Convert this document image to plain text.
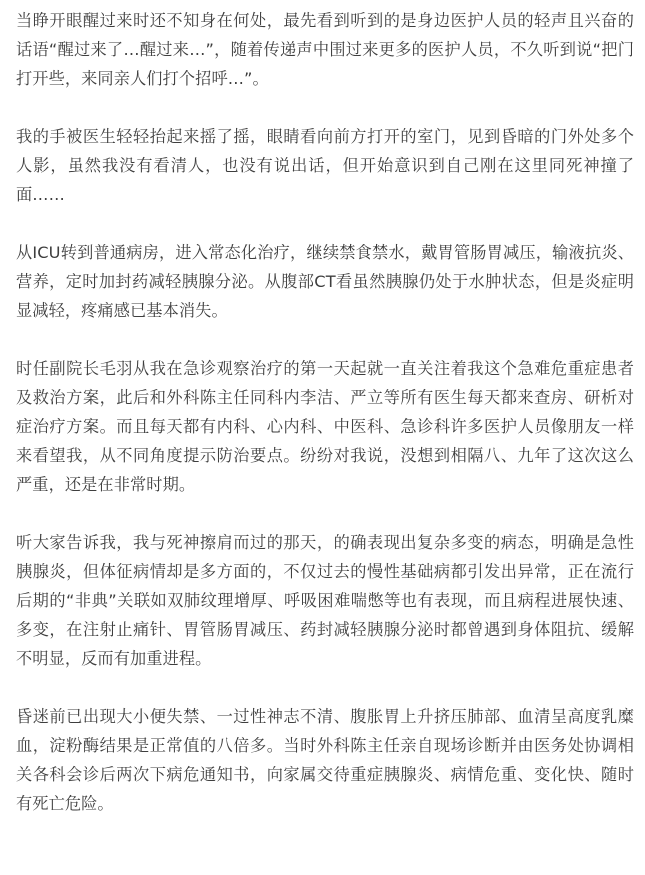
当睁开眼醒过来时还不知身在何处，最先看到听到的是身边医护人员的轻声且兴奋的话语“醒过来了…醒过来…”，随着传递声中围过来更多的医护人员，不久听到说“把门打开些，来同亲人们打个招呼…”。

我的手被医生轻轻抬起来摇了摇，眼睛看向前方打开的室门，见到昏暗的门外处多个人影，虽然我没有看清人，也没有说出话，但开始意识到自己刚在这里同死神撞了面……

从ICU转到普通病房，进入常态化治疗，继续禁食禁水，戴胃管肠胃减压，输液抗炎、营养，定时加封药减轻胰腺分泌。从腹部CT看虽然胰腺仍处于水肿状态，但是炎症明显减轻，疼痛感已基本消失。

时任副院长毛羽从我在急诊观察治疗的第一天起就一直关注着我这个急难危重症患者及救治方案，此后和外科陈主任同科内李洁、严立等所有医生每天都来查房、研析对症治疗方案。而且每天都有内科、心内科、中医科、急诊科许多医护人员像朋友一样来看望我，从不同角度提示防治要点。纷纷对我说，没想到相隔八、九年了这次这么严重，还是在非常时期。

听大家告诉我，我与死神擦肩而过的那天，的确表现出复杂多变的病态，明确是急性胰腺炎，但体征病情却是多方面的，不仅过去的慢性基础病都引发出异常，正在流行后期的“非典”关联如双肺纹理增厚、呼吸困难喘憋等也有表现，而且病程进展快速、多变，在注射止痛针、胃管肠胃减压、药封减轻胰腺分泌时都曾遇到身体阻抗、缓解不明显，反而有加重进程。

昏迷前已出现大小便失禁、一过性神志不清、腹胀胃上升挤压肺部、血清呈高度乳糜血，淀粉酶结果是正常值的八倍多。当时外科陈主任亲自现场诊断并由医务处协调相关各科会诊后两次下病危通知书，向家属交待重症胰腺炎、病情危重、变化快、随时有死亡危险。
